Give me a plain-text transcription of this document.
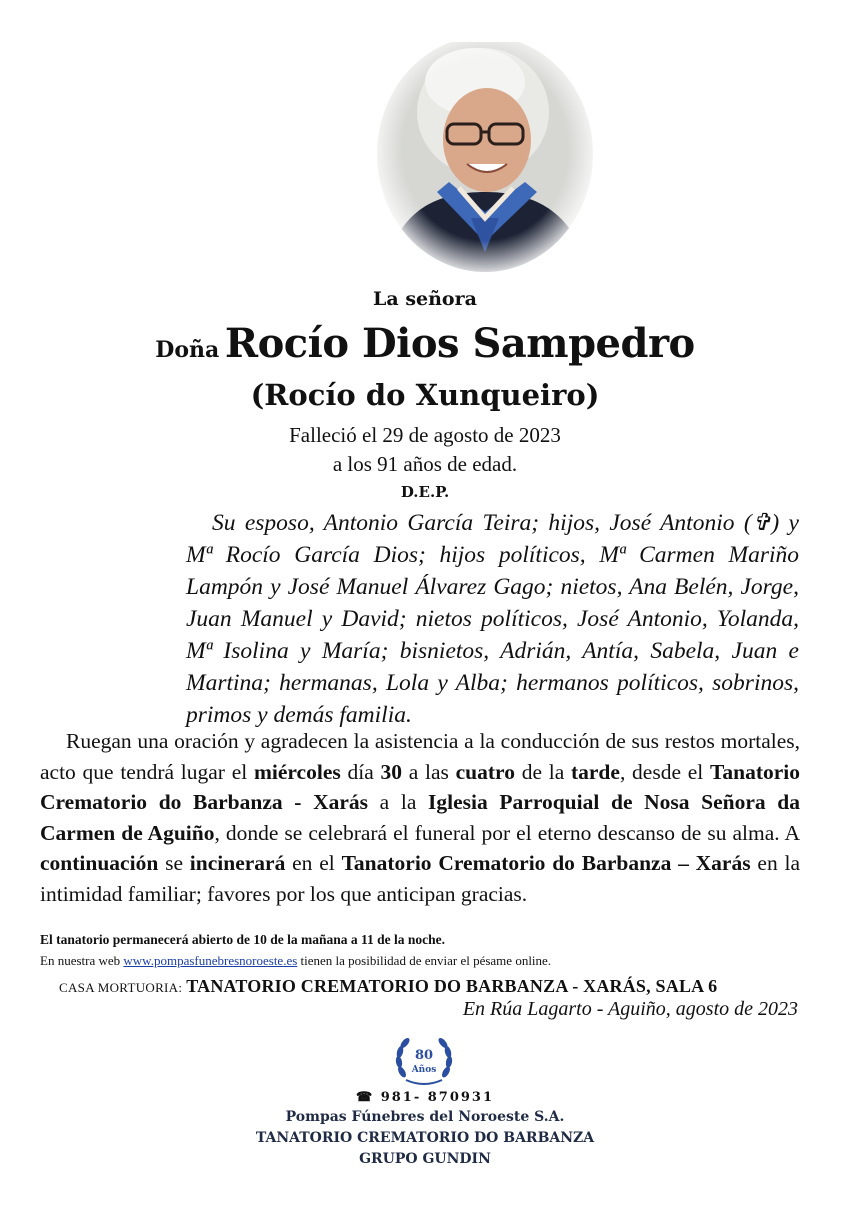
La señora
Doña Rocío Dios Sampedro
(Rocío do Xunqueiro)
Falleció el 29 de agosto de 2023
a los 91 años de edad.
D.E.P.
Su esposo, Antonio García Teira; hijos, José Antonio (✞) y Mª Rocío García Dios; hijos políticos, Mª Carmen Mariño Lampón y José Manuel Álvarez Gago; nietos, Ana Belén, Jorge, Juan Manuel y David; nietos políticos, José Antonio, Yolanda, Mª Isolina y María; bisnietos, Adrián, Antía, Sabela, Juan e Martina; hermanas, Lola y Alba; hermanos políticos, sobrinos, primos y demás familia.
Ruegan una oración y agradecen la asistencia a la conducción de sus restos mortales, acto que tendrá lugar el miércoles día 30 a las cuatro de la tarde, desde el Tanatorio Crematorio do Barbanza - Xarás a la Iglesia Parroquial de Nosa Señora da Carmen de Aguiño, donde se celebrará el funeral por el eterno descanso de su alma. A continuación se incinerará en el Tanatorio Crematorio do Barbanza – Xarás en la intimidad familiar; favores por los que anticipan gracias.
El tanatorio permanecerá abierto de 10 de la mañana a 11 de la noche.
En nuestra web www.pompasfunebresnoroeste.es tienen la posibilidad de enviar el pésame online.
CASA MORTUORIA: TANATORIO CREMATORIO DO BARBANZA - XARÁS, SALA 6
En Rúa Lagarto - Aguiño, agosto de 2023
80
Años
☎ 981- 870931
Pompas Fúnebres del Noroeste S.A.
TANATORIO CREMATORIO DO BARBANZA
GRUPO GUNDIN
